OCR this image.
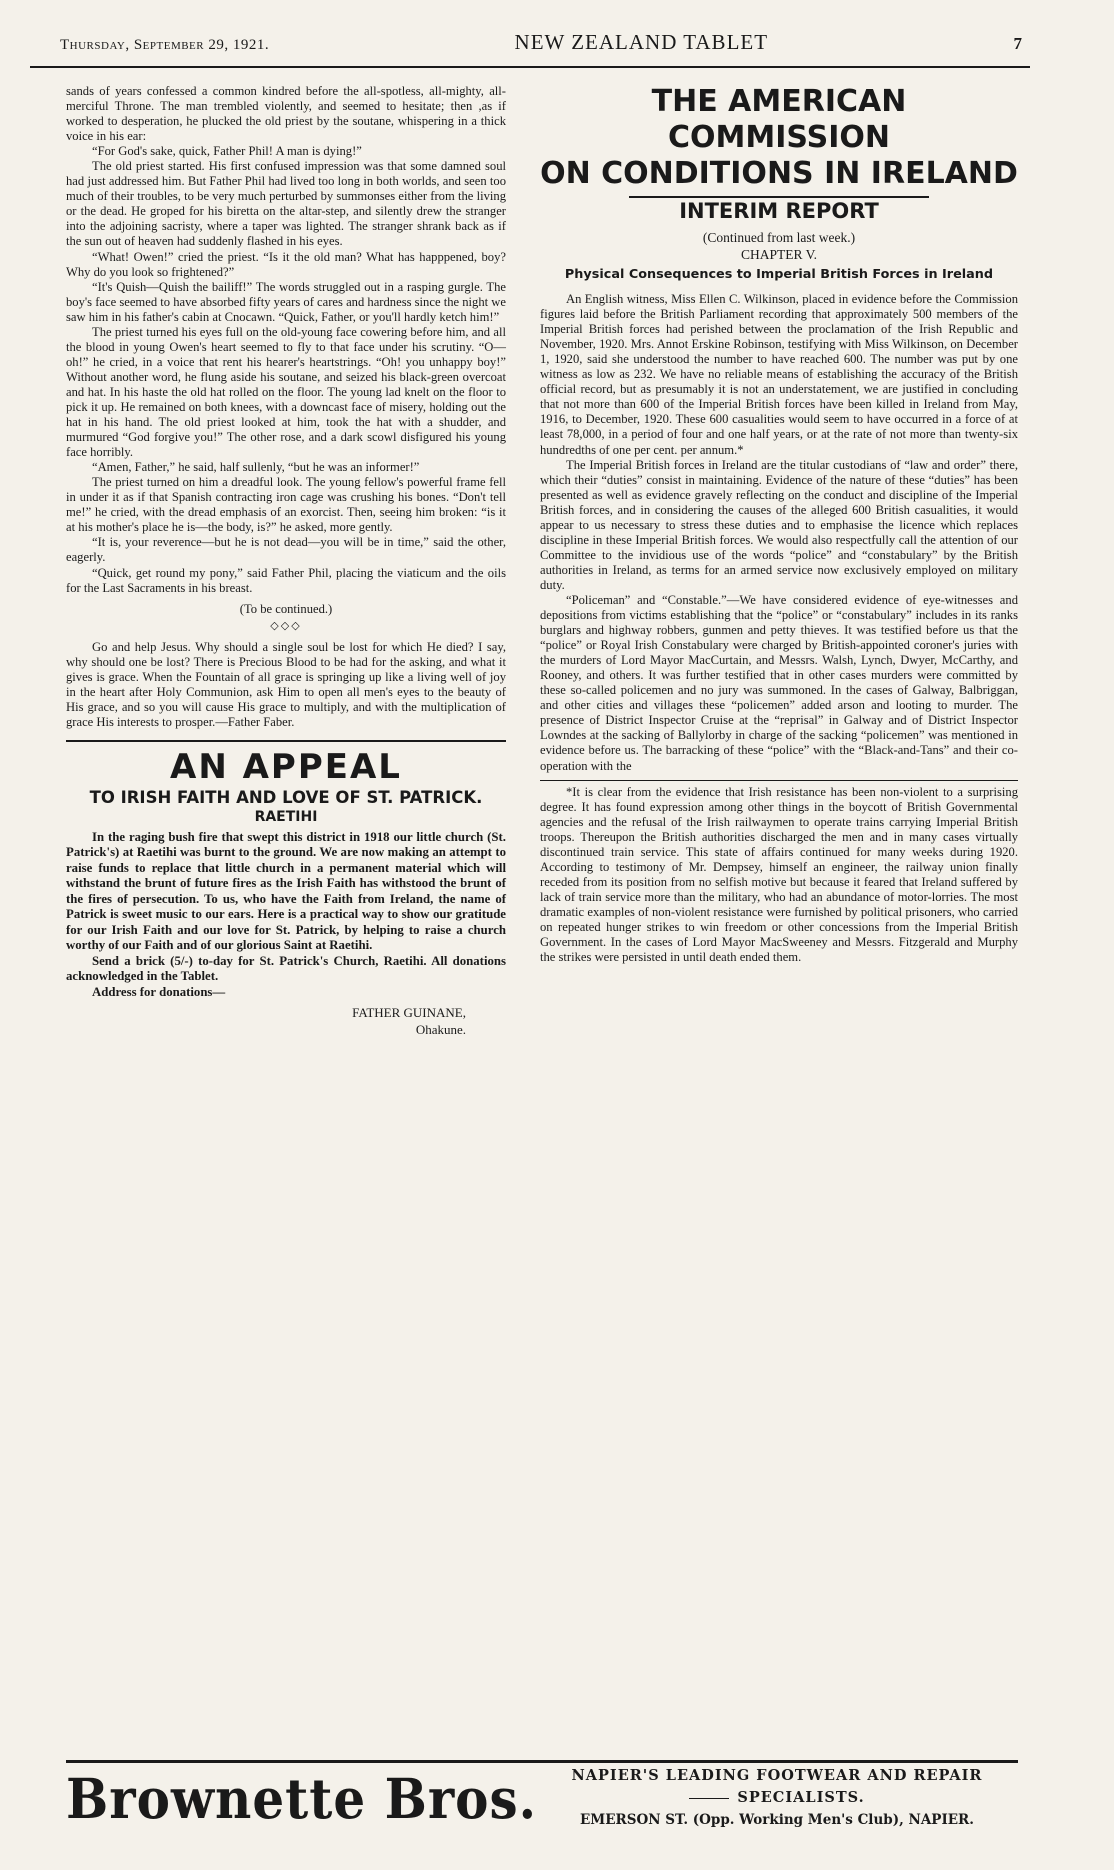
Thursday, September 29, 1921.	NEW ZEALAND TABLET	7

sands of years confessed a common kindred before the all-spotless, all-mighty, all-merciful Throne. The man trembled violently, and seemed to hesitate; then ,as if worked to desperation, he plucked the old priest by the soutane, whispering in a thick voice in his ear:

“For God's sake, quick, Father Phil! A man is dying!”

The old priest started. His first confused impression was that some damned soul had just addressed him. But Father Phil had lived too long in both worlds, and seen too much of their troubles, to be very much perturbed by summonses either from the living or the dead. He groped for his biretta on the altar-step, and silently drew the stranger into the adjoining sacristy, where a taper was lighted. The stranger shrank back as if the sun out of heaven had suddenly flashed in his eyes.

“What! Owen!” cried the priest. “Is it the old man? What has happpened, boy? Why do you look so frightened?”

“It's Quish—Quish the bailiff!” The words struggled out in a rasping gurgle. The boy's face seemed to have absorbed fifty years of cares and hardness since the night we saw him in his father's cabin at Cnocawn. “Quick, Father, or you'll hardly ketch him!”

The priest turned his eyes full on the old-young face cowering before him, and all the blood in young Owen's heart seemed to fly to that face under his scrutiny. “O—oh!” he cried, in a voice that rent his hearer's heartstrings. “Oh! you unhappy boy!” Without another word, he flung aside his soutane, and seized his black-green overcoat and hat. In his haste the old hat rolled on the floor. The young lad knelt on the floor to pick it up. He remained on both knees, with a downcast face of misery, holding out the hat in his hand. The old priest looked at him, took the hat with a shudder, and murmured “God forgive you!” The other rose, and a dark scowl disfigured his young face horribly.

“Amen, Father,” he said, half sullenly, “but he was an informer!”

The priest turned on him a dreadful look. The young fellow's powerful frame fell in under it as if that Spanish contracting iron cage was crushing his bones. “Don't tell me!” he cried, with the dread emphasis of an exorcist. Then, seeing him broken: “is it at his mother's place he is—the body, is?” he asked, more gently.

“It is, your reverence—but he is not dead—you will be in time,” said the other, eagerly.

“Quick, get round my pony,” said Father Phil, placing the viaticum and the oils for the Last Sacraments in his breast.

(To be continued.)
◇◇◇

Go and help Jesus. Why should a single soul be lost for which He died? I say, why should one be lost? There is Precious Blood to be had for the asking, and what it gives is grace. When the Fountain of all grace is springing up like a living well of joy in the heart after Holy Communion, ask Him to open all men's eyes to the beauty of His grace, and so you will cause His grace to multiply, and with the multiplication of grace His interests to prosper.—Father Faber.

AN APPEAL
TO IRISH FAITH AND LOVE OF ST. PATRICK.
RAETIHI

In the raging bush fire that swept this district in 1918 our little church (St. Patrick's) at Raetihi was burnt to the ground. We are now making an attempt to raise funds to replace that little church in a permanent material which will withstand the brunt of future fires as the Irish Faith has withstood the brunt of the fires of persecution. To us, who have the Faith from Ireland, the name of Patrick is sweet music to our ears. Here is a practical way to show our gratitude for our Irish Faith and our love for St. Patrick, by helping to raise a church worthy of our Faith and of our glorious Saint at Raetihi.

Send a brick (5/-) to-day for St. Patrick's Church, Raetihi. All donations acknowledged in the Tablet.

Address for donations—

FATHER GUINANE,
Ohakune.
THE AMERICAN COMMISSION
ON CONDITIONS IN IRELAND
INTERIM REPORT
(Continued from last week.)
CHAPTER V.
Physical Consequences to Imperial British Forces in Ireland

An English witness, Miss Ellen C. Wilkinson, placed in evidence before the Commission figures laid before the British Parliament recording that approximately 500 members of the Imperial British forces had perished between the proclamation of the Irish Republic and November, 1920. Mrs. Annot Erskine Robinson, testifying with Miss Wilkinson, on December 1, 1920, said she understood the number to have reached 600. The number was put by one witness as low as 232. We have no reliable means of establishing the accuracy of the British official record, but as presumably it is not an understatement, we are justified in concluding that not more than 600 of the Imperial British forces have been killed in Ireland from May, 1916, to December, 1920. These 600 casualities would seem to have occurred in a force of at least 78,000, in a period of four and one half years, or at the rate of not more than twenty-six hundredths of one per cent. per annum.*

The Imperial British forces in Ireland are the titular custodians of “law and order” there, which their “duties” consist in maintaining. Evidence of the nature of these “duties” has been presented as well as evidence gravely reflecting on the conduct and discipline of the Imperial British forces, and in considering the causes of the alleged 600 British casualities, it would appear to us necessary to stress these duties and to emphasise the licence which replaces discipline in these Imperial British forces. We would also respectfully call the attention of our Committee to the invidious use of the words “police” and “constabulary” by the British authorities in Ireland, as terms for an armed service now exclusively employed on military duty.

“Policeman” and “Constable.”—We have considered evidence of eye-witnesses and depositions from victims establishing that the “police” or “constabulary” includes in its ranks burglars and highway robbers, gunmen and petty thieves. It was testified before us that the “police” or Royal Irish Constabulary were charged by British-appointed coroner's juries with the murders of Lord Mayor MacCurtain, and Messrs. Walsh, Lynch, Dwyer, McCarthy, and Rooney, and others. It was further testified that in other cases murders were committed by these so-called policemen and no jury was summoned. In the cases of Galway, Balbriggan, and other cities and villages these “policemen” added arson and looting to murder. The presence of District Inspector Cruise at the “reprisal” in Galway and of District Inspector Lowndes at the sacking of Ballylorby in charge of the sacking “policemen” was mentioned in evidence before us. The barracking of these “police” with the “Black-and-Tans” and their co-operation with the

*It is clear from the evidence that Irish resistance has been non-violent to a surprising degree. It has found expression among other things in the boycott of British Governmental agencies and the refusal of the Irish railwaymen to operate trains carrying Imperial British troops. Thereupon the British authorities discharged the men and in many cases virtually discontinued train service. This state of affairs continued for many weeks during 1920. According to testimony of Mr. Dempsey, himself an engineer, the railway union finally receded from its position from no selfish motive but because it feared that Ireland suffered by lack of train service more than the military, who had an abundance of motor-lorries. The most dramatic examples of non-violent resistance were furnished by political prisoners, who carried on repeated hunger strikes to win freedom or other concessions from the Imperial British Government. In the cases of Lord Mayor MacSweeney and Messrs. Fitzgerald and Murphy the strikes were persisted in until death ended them.

Brownette Bros.	NAPIER'S LEADING FOOTWEAR AND REPAIR
SPECIALISTS.
EMERSON ST. (Opp. Working Men's Club), NAPIER.
